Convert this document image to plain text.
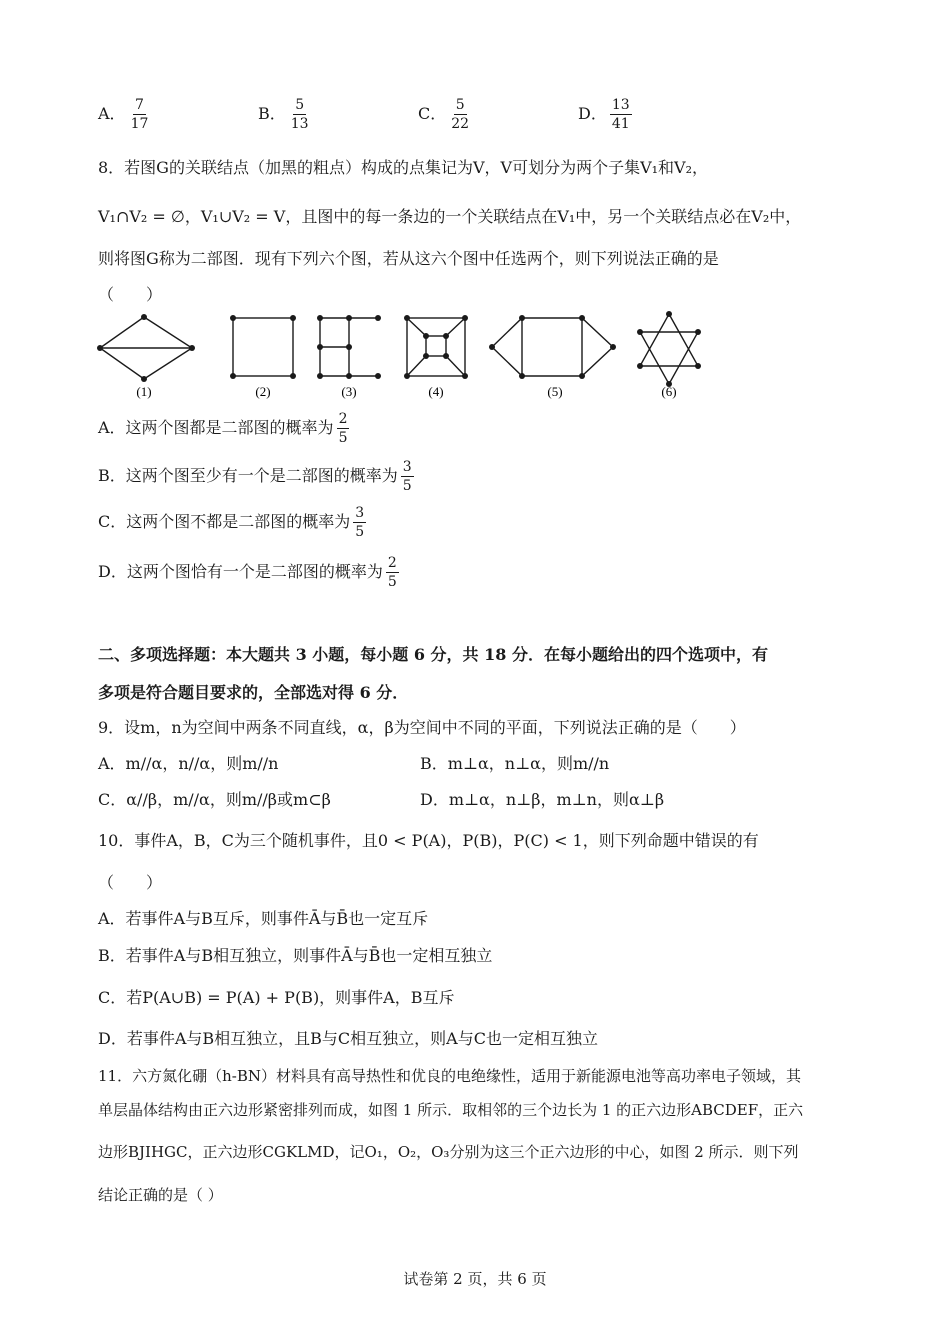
A． $\frac{7}{17}$	B． $\frac{5}{13}$	C． $\frac{5}{22}$	D． $\frac{13}{41}$
8．若图G的关联结点（加黑的粗点）构成的点集记为V，V可划分为两个子集V₁和V₂，
V₁∩V₂ = ∅，V₁∪V₂ = V，且图中的每一条边的一个关联结点在V₁中，另一个关联结点必在V₂中，
则将图G称为二部图．现有下列六个图，若从这六个图中任选两个，则下列说法正确的是
（　　）
(1)	(2)	(3)	(4)	(5)	(6)
A．这两个图都是二部图的概率为 $\frac{2}{5}$
B．这两个图至少有一个是二部图的概率为 $\frac{3}{5}$
C．这两个图不都是二部图的概率为 $\frac{3}{5}$
D．这两个图恰有一个是二部图的概率为 $\frac{2}{5}$
二、多项选择题：本大题共 3 小题，每小题 6 分，共 18 分．在每小题给出的四个选项中，有
多项是符合题目要求的，全部选对得 6 分．
9．设m，n为空间中两条不同直线，α，β为空间中不同的平面，下列说法正确的是（　　）
A．m//α，n//α，则m//n	B．m⊥α，n⊥α，则m//n
C．α//β，m//α，则m//β或m⊂β	D．m⊥α，n⊥β，m⊥n，则α⊥β
10．事件A，B，C为三个随机事件，且0 < P(A)，P(B)，P(C) < 1，则下列命题中错误的有
（　　）
A．若事件A与B互斥，则事件Ā与B̄也一定互斥
B．若事件A与B相互独立，则事件Ā与B̄也一定相互独立
C．若P(A∪B) = P(A) + P(B)，则事件A，B互斥
D．若事件A与B相互独立，且B与C相互独立，则A与C也一定相互独立
11．六方氮化硼（h-BN）材料具有高导热性和优良的电绝缘性，适用于新能源电池等高功率电子领域，其
单层晶体结构由正六边形紧密排列而成，如图 1 所示．取相邻的三个边长为 1 的正六边形ABCDEF，正六
边形BJIHGC，正六边形CGKLMD，记O₁，O₂，O₃分别为这三个正六边形的中心，如图 2 所示．则下列
结论正确的是（ ）
试卷第 2 页，共 6 页
